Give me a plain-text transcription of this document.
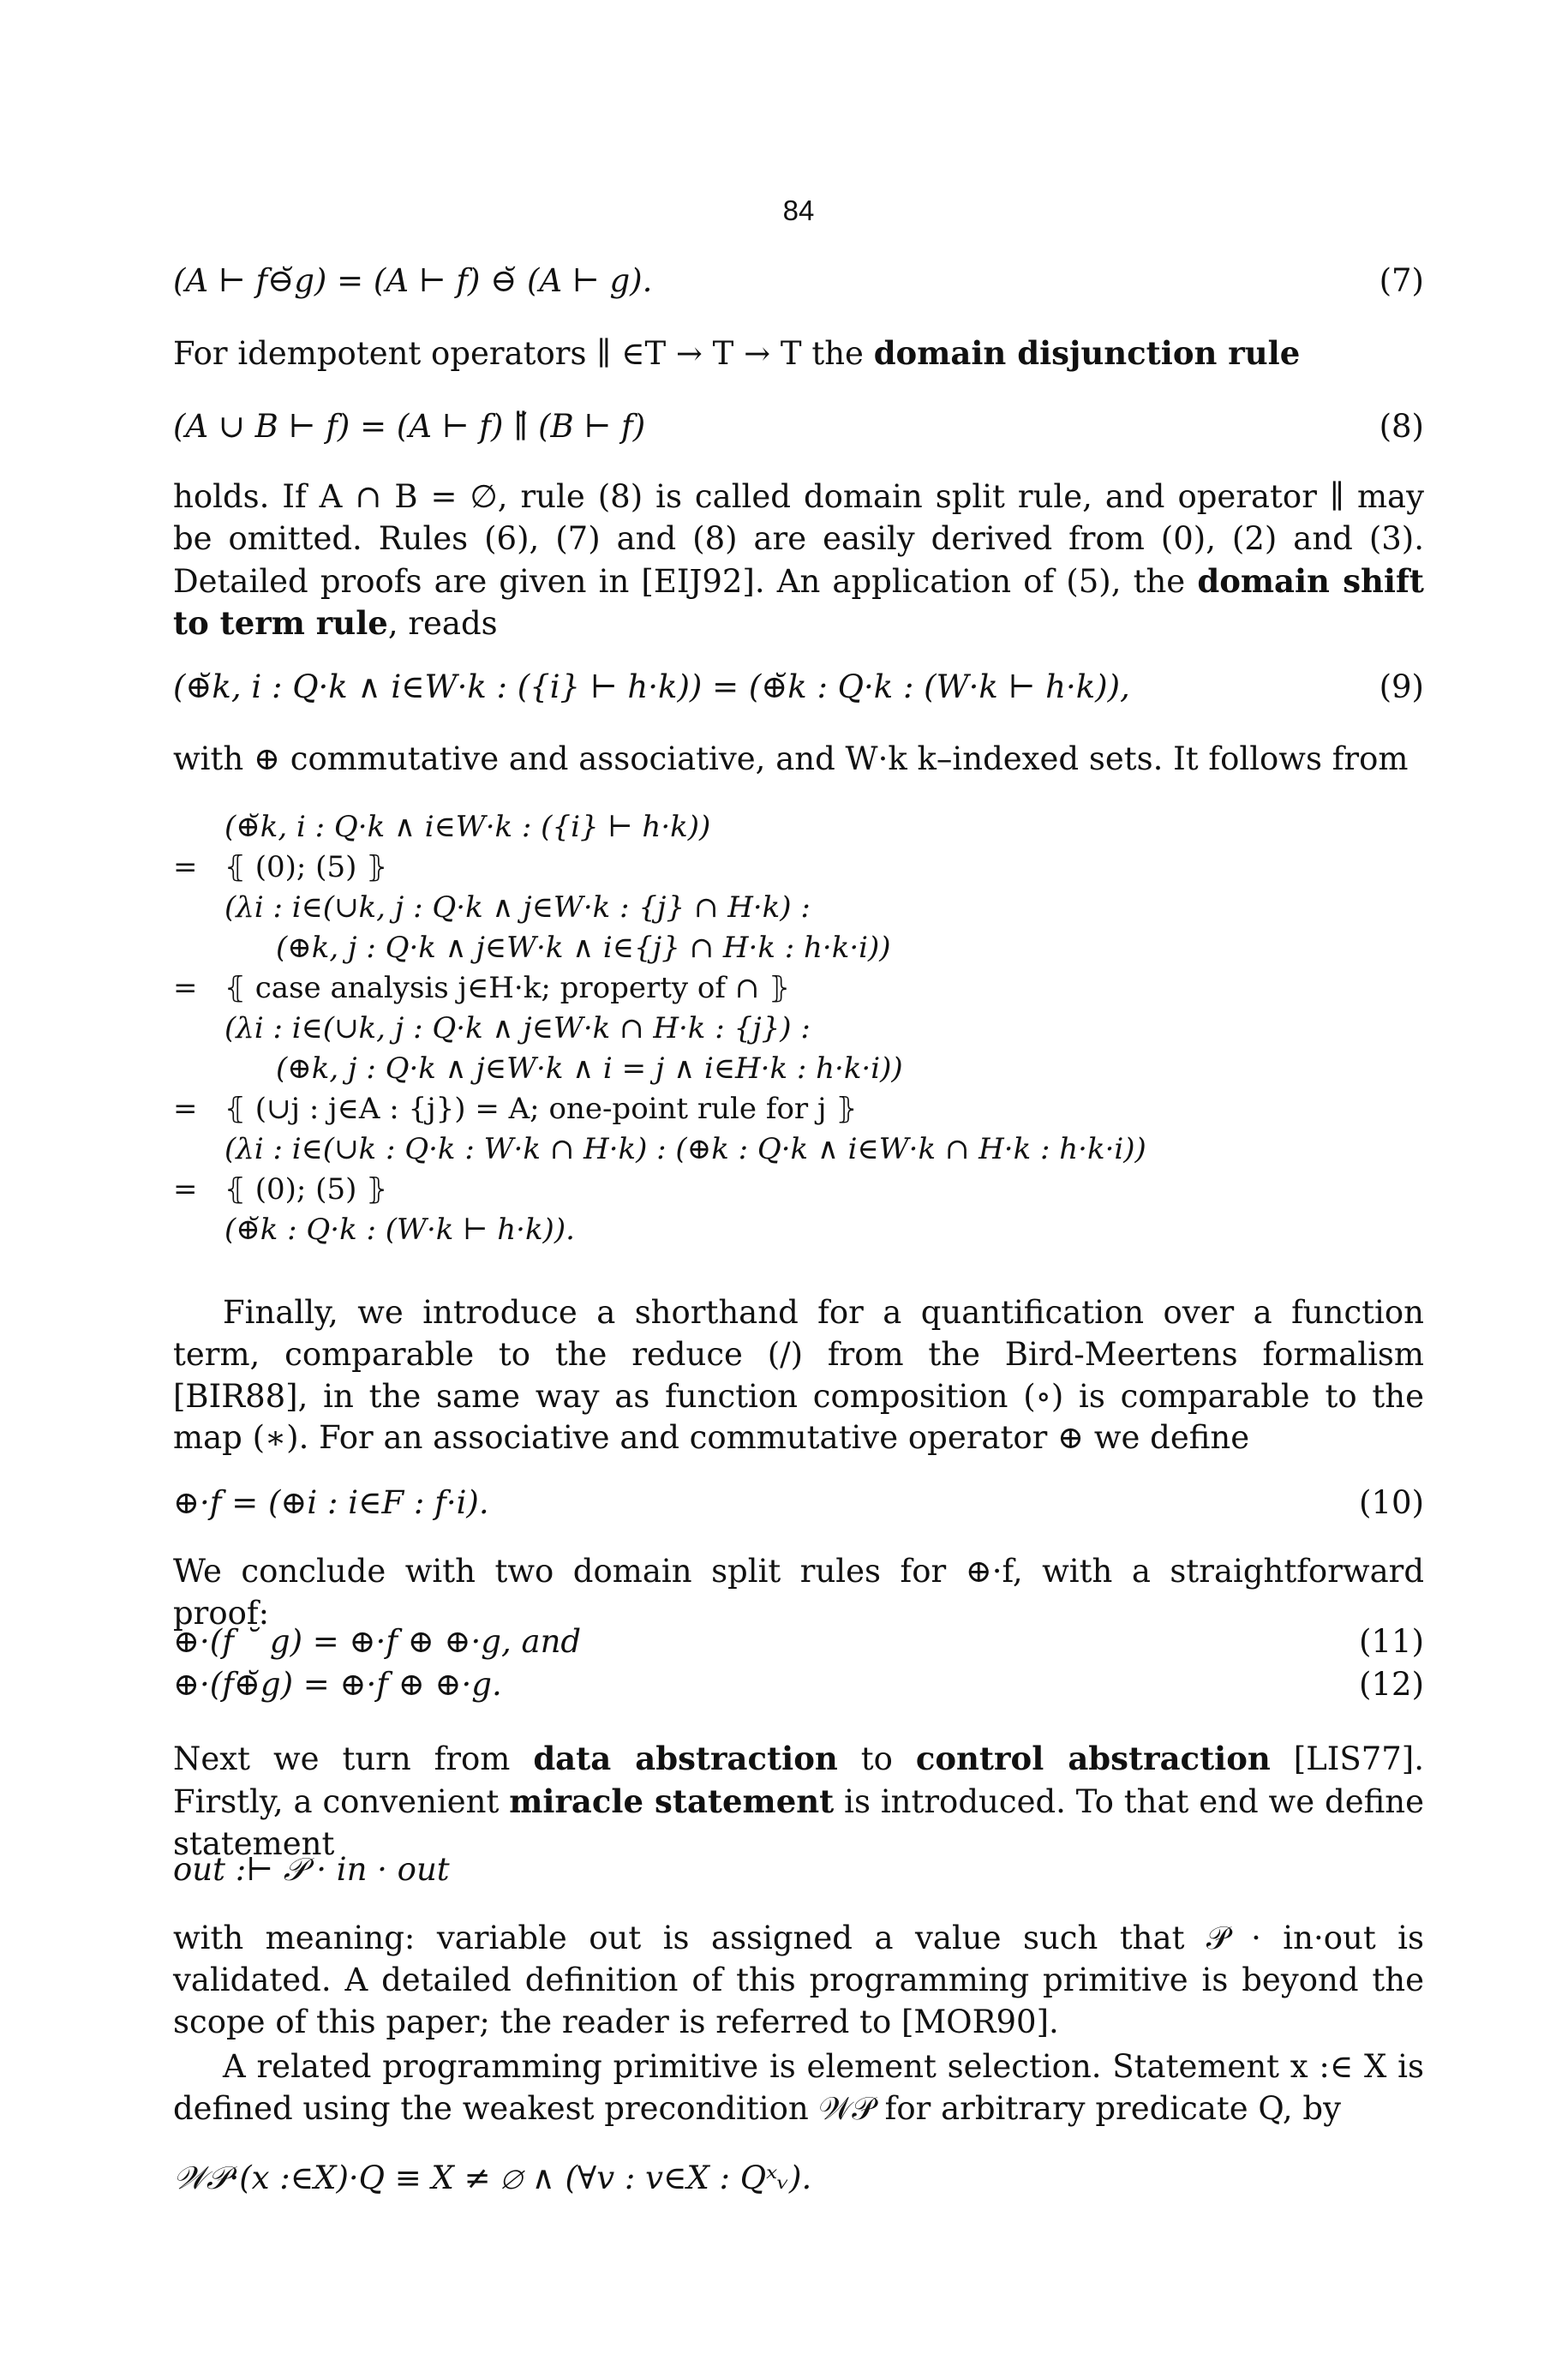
84
(A ⊢ f⊖̆g) = (A ⊢ f) ⊖̆ (A ⊢ g).	(7)
For idempotent operators ∥ ∈T → T → T the domain disjunction rule
(A ∪ B ⊢ f) = (A ⊢ f) ∥̆ (B ⊢ f)	(8)
holds. If A ∩ B = ∅, rule (8) is called domain split rule, and operator ∥ may be omitted. Rules (6), (7) and (8) are easily derived from (0), (2) and (3). Detailed proofs are given in [EIJ92]. An application of (5), the domain shift to term rule, reads
(⊕̆k, i : Q·k ∧ i∈W·k : ({i} ⊢ h·k)) = (⊕̆k : Q·k : (W·k ⊢ h·k)),	(9)
with ⊕ commutative and associative, and W·k k–indexed sets. It follows from
(⊕̆k, i : Q·k ∧ i∈W·k : ({i} ⊢ h·k))
= ⦃ (0); (5) ⦄
(λi : i∈(∪k, j : Q·k ∧ j∈W·k : {j} ∩ H·k) :
(⊕k, j : Q·k ∧ j∈W·k ∧ i∈{j} ∩ H·k : h·k·i))
= ⦃ case analysis j∈H·k; property of ∩ ⦄
(λi : i∈(∪k, j : Q·k ∧ j∈W·k ∩ H·k : {j}) :
(⊕k, j : Q·k ∧ j∈W·k ∧ i = j ∧ i∈H·k : h·k·i))
= ⦃ (∪j : j∈A : {j}) = A; one-point rule for j ⦄
(λi : i∈(∪k : Q·k : W·k ∩ H·k) : (⊕k : Q·k ∧ i∈W·k ∩ H·k : h·k·i))
= ⦃ (0); (5) ⦄
(⊕̆k : Q·k : (W·k ⊢ h·k)).
Finally, we introduce a shorthand for a quantification over a function term, comparable to the reduce (/) from the Bird-Meertens formalism [BIR88], in the same way as function composition (∘) is comparable to the map (∗). For an associative and commutative operator ⊕ we define
⊕·f = (⊕i : i∈F : f·i).	(10)
We conclude with two domain split rules for ⊕·f, with a straightforward proof:
⊕·(f ˘ g) = ⊕·f ⊕ ⊕·g, and	(11)
⊕·(f⊕̆g) = ⊕·f ⊕ ⊕·g.	(12)
Next we turn from data abstraction to control abstraction [LIS77]. Firstly, a convenient miracle statement is introduced. To that end we define statement
out :⊢ 𝒫 · in · out
with meaning: variable out is assigned a value such that 𝒫 · in·out is validated. A detailed definition of this programming primitive is beyond the scope of this paper; the reader is referred to [MOR90].
A related programming primitive is element selection. Statement x :∈ X is defined using the weakest precondition 𝒲𝒫 for arbitrary predicate Q, by
𝒲𝒫·(x :∈X)·Q ≡ X ≠ ∅ ∧ (∀v : v∈X : Qˣᵥ).
